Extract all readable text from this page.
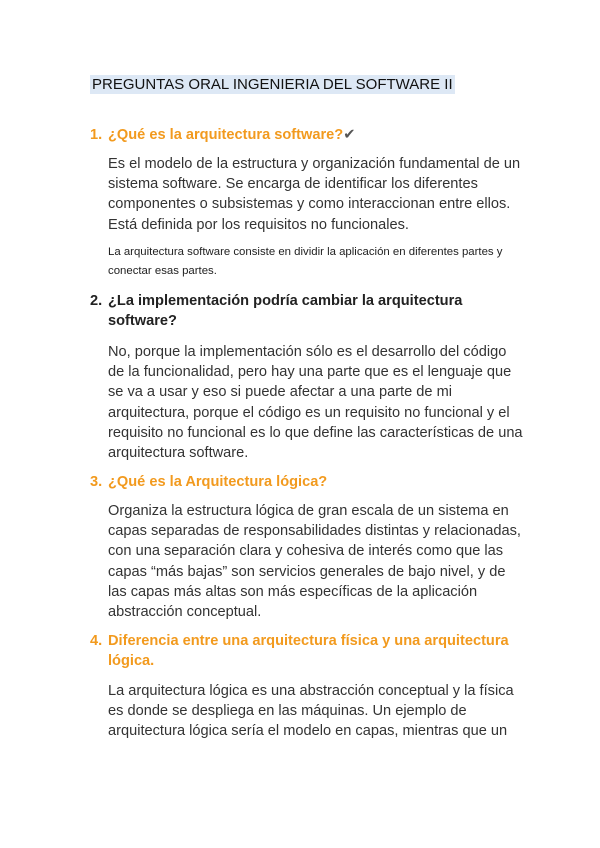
PREGUNTAS ORAL INGENIERIA DEL SOFTWARE II
1. ¿Qué es la arquitectura software?✔
Es el modelo de la estructura y organización fundamental de un sistema software. Se encarga de identificar los diferentes componentes o subsistemas y como interaccionan entre ellos. Está definida por los requisitos no funcionales.
La arquitectura software consiste en dividir la aplicación en diferentes partes y conectar esas partes.
2. ¿La implementación podría cambiar la arquitectura software?
No, porque la implementación sólo es el desarrollo del código de la funcionalidad, pero hay una parte que es el lenguaje que se va a usar y eso si puede afectar a una parte de mi arquitectura, porque el código es un requisito no funcional y el requisito no funcional es lo que define las características de una arquitectura software.
3. ¿Qué es la Arquitectura lógica?
Organiza la estructura lógica de gran escala de un sistema en capas separadas de responsabilidades distintas y relacionadas, con una separación clara y cohesiva de interés como que las capas “más bajas” son servicios generales de bajo nivel, y de las capas más altas son más específicas de la aplicación abstracción conceptual.
4. Diferencia entre una arquitectura física y una arquitectura lógica.
La arquitectura lógica es una abstracción conceptual y la física es donde se despliega en las máquinas. Un ejemplo de arquitectura lógica sería el modelo en capas, mientras que un
